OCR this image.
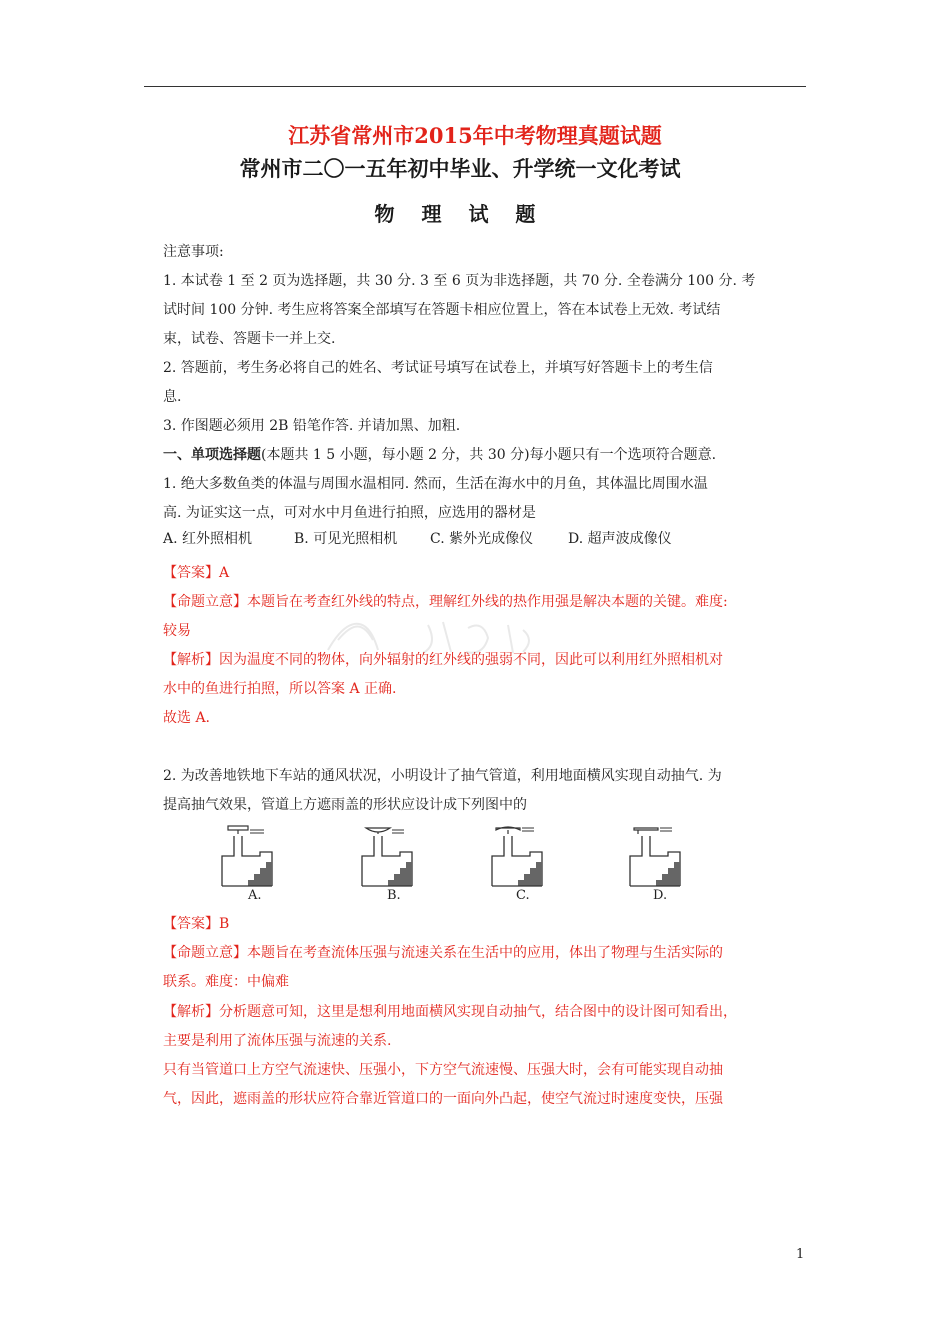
江苏省常州市2015年中考物理真题试题
常州市二〇一五年初中毕业、升学统一文化考试
物 理 试 题
注意事项:
1. 本试卷 1 至 2 页为选择题，共 30 分. 3 至 6 页为非选择题，共 70 分. 全卷满分 100 分. 考
试时间 100 分钟. 考生应将答案全部填写在答题卡相应位置上，答在本试卷上无效. 考试结
束，试卷、答题卡一并上交.
2. 答题前，考生务必将自己的姓名、考试证号填写在试卷上，并填写好答题卡上的考生信
息.
3. 作图题必须用 2B 铅笔作答. 并请加黑、加粗.
一、单项选择题(本题共 1 5 小题，每小题 2 分，共 30 分)每小题只有一个选项符合题意.
1. 绝大多数鱼类的体温与周围水温相同. 然而，生活在海水中的月鱼，其体温比周围水温
高. 为证实这一点，可对水中月鱼进行拍照，应选用的器材是
A. 红外照相机	B. 可见光照相机 C. 紫外光成像仪 D. 超声波成像仪
【答案】A
【命题立意】本题旨在考查红外线的特点，理解红外线的热作用强是解决本题的关键。难度:
较易
【解析】因为温度不同的物体，向外辐射的红外线的强弱不同，因此可以利用红外照相机对
水中的鱼进行拍照，所以答案 A 正确.
故选 A.
2. 为改善地铁地下车站的通风状况，小明设计了抽气管道，利用地面横风实现自动抽气. 为
提高抽气效果，管道上方遮雨盖的形状应设计成下列图中的
A.	B.	C.	D.
【答案】B
【命题立意】本题旨在考查流体压强与流速关系在生活中的应用，体出了物理与生活实际的
联系。难度：中偏难
【解析】分析题意可知，这里是想利用地面横风实现自动抽气，结合图中的设计图可知看出，
主要是利用了流体压强与流速的关系.
只有当管道口上方空气流速快、压强小，下方空气流速慢、压强大时，会有可能实现自动抽
气，因此，遮雨盖的形状应符合靠近管道口的一面向外凸起，使空气流过时速度变快，压强
1
